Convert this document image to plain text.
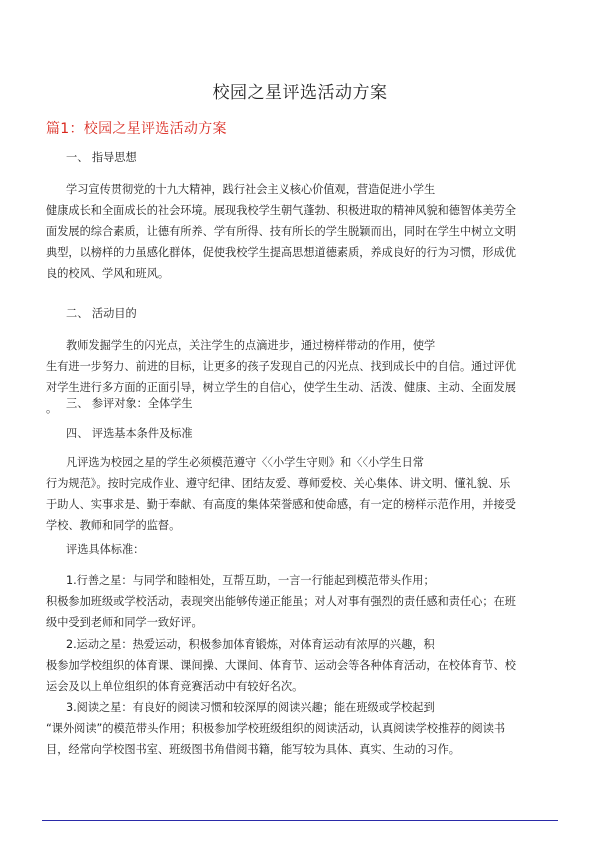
校园之星评选活动方案
篇1：校园之星评选活动方案
一、 指导思想
学习宣传贯彻党的十九大精神，践行社会主义核心价值观，营造促进小学生
健康成长和全面成长的社会环境。展现我校学生朝气蓬勃、积极进取的精神风貌和德智体美劳全
面发展的综合素质，让德有所养、学有所得、技有所长的学生脱颖而出，同时在学生中树立文明
典型，以榜样的力虽感化群体，促使我校学生提高思想道德素质，养成良好的行为习惯，形成优
良的校风、学风和班风。
二、 活动目的
教师发掘学生的闪光点，关注学生的点滴进步，通过榜样带动的作用，使学
生有进一步努力、前进的目标，让更多的孩子发现自己的闪光点、找到成长中的自信。通过评优
对学生进行多方面的正面引导，树立学生的自信心，使学生生动、活泼、健康、主动、全面发展
。 三、 参评对象：全体学生
四、 评选基本条件及标准
凡评选为校园之星的学生必须模范遵守〈〈小学生守则》和〈〈小学生日常
行为规范》。按时完成作业、遵守纪律、团结友爱、尊师爱校、关心集体、讲文明、懂礼貌、乐
于助人、实事求是、勤于奉献、有高度的集体荣誉感和使命感，有一定的榜样示范作用，并接受
学校、教师和同学的监督。
评选具体标准：
1.行善之星：与同学和睦相处，互帮互助，一言一行能起到模范带头作用；
积极参加班级或学校活动，表现突出能够传递正能虽；对人对事有强烈的责任感和责任心；在班
级中受到老师和同学一致好评。
2.运动之星：热爱运动，积极参加体育锻炼，对体育运动有浓厚的兴趣，积
极参加学校组织的体育课、课间操、大课间、体育节、运动会等各种体育活动，在校体育节、校
运会及以上单位组织的体育竞赛活动中有较好名次。
3.阅读之星：有良好的阅读习惯和较深厚的阅读兴趣；能在班级或学校起到
“课外阅读”的模范带头作用；积极参加学校班级组织的阅读活动，认真阅读学校推荐的阅读书
目，经常向学校图书室、班级图书角借阅书籍，能写较为具体、真实、生动的习作。
